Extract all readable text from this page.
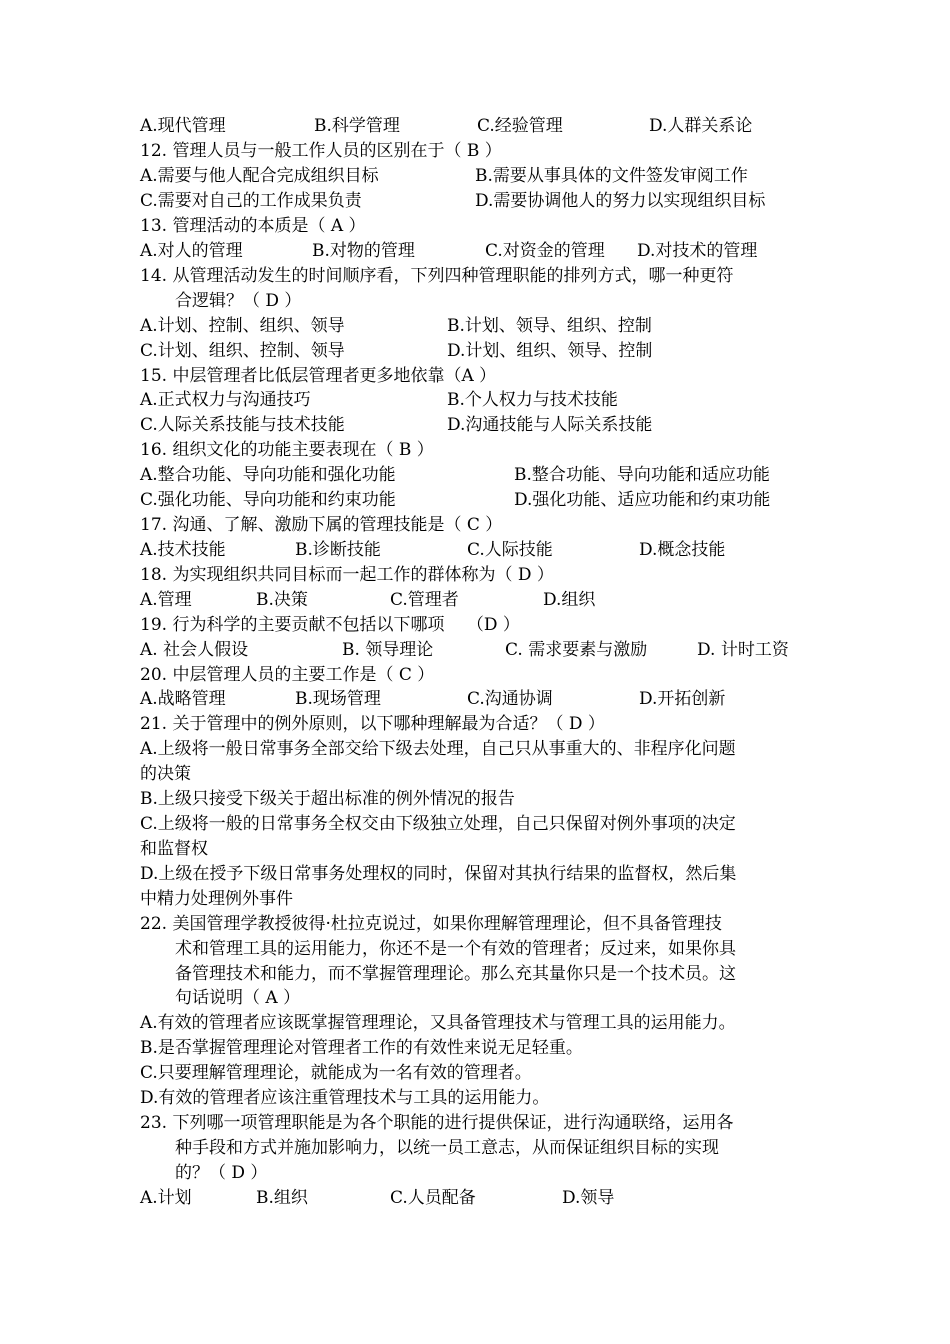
A.现代管理	B.科学管理	C.经验管理	D.人群关系论
12. 管理人员与一般工作人员的区别在于（ B ）
A.需要与他人配合完成组织目标	B.需要从事具体的文件签发审阅工作
C.需要对自己的工作成果负责	D.需要协调他人的努力以实现组织目标
13. 管理活动的本质是（ A ）
A.对人的管理	B.对物的管理	C.对资金的管理 D.对技术的管理
14. 从管理活动发生的时间顺序看，下列四种管理职能的排列方式，哪一种更符
合逻辑？（ D ）
A.计划、控制、组织、领导	B.计划、领导、组织、控制
C.计划、组织、控制、领导	D.计划、组织、领导、控制
15. 中层管理者比低层管理者更多地依靠（A ）
A.正式权力与沟通技巧	B.个人权力与技术技能
C.人际关系技能与技术技能	D.沟通技能与人际关系技能
16. 组织文化的功能主要表现在（ B ）
A.整合功能、导向功能和强化功能	B.整合功能、导向功能和适应功能
C.强化功能、导向功能和约束功能	D.强化功能、适应功能和约束功能
17. 沟通、了解、激励下属的管理技能是（ C ）
A.技术技能	B.诊断技能	C.人际技能	D.概念技能
18. 为实现组织共同目标而一起工作的群体称为（ D ）
A.管理	B.决策	C.管理者	D.组织
19. 行为科学的主要贡献不包括以下哪项　 （D ）
A. 社会人假设	B. 领导理论	C. 需求要素与激励	D. 计时工资
20. 中层管理人员的主要工作是（ C ）
A.战略管理	B.现场管理	C.沟通协调	D.开拓创新
21. 关于管理中的例外原则，以下哪种理解最为合适？（ D ）
A.上级将一般日常事务全部交给下级去处理，自己只从事重大的、非程序化问题
的决策
B.上级只接受下级关于超出标准的例外情况的报告
C.上级将一般的日常事务全权交由下级独立处理，自己只保留对例外事项的决定
和监督权
D.上级在授予下级日常事务处理权的同时，保留对其执行结果的监督权，然后集
中精力处理例外事件
22. 美国管理学教授彼得·杜拉克说过，如果你理解管理理论，但不具备管理技
术和管理工具的运用能力，你还不是一个有效的管理者；反过来，如果你具
备管理技术和能力，而不掌握管理理论。那么充其量你只是一个技术员。这
句话说明（ A ）
A.有效的管理者应该既掌握管理理论，又具备管理技术与管理工具的运用能力。
B.是否掌握管理理论对管理者工作的有效性来说无足轻重。
C.只要理解管理理论，就能成为一名有效的管理者。
D.有效的管理者应该注重管理技术与工具的运用能力。
23. 下列哪一项管理职能是为各个职能的进行提供保证，进行沟通联络，运用各
种手段和方式并施加影响力，以统一员工意志，从而保证组织目标的实现
的？（ D ）
A.计划	B.组织	C.人员配备	D.领导
